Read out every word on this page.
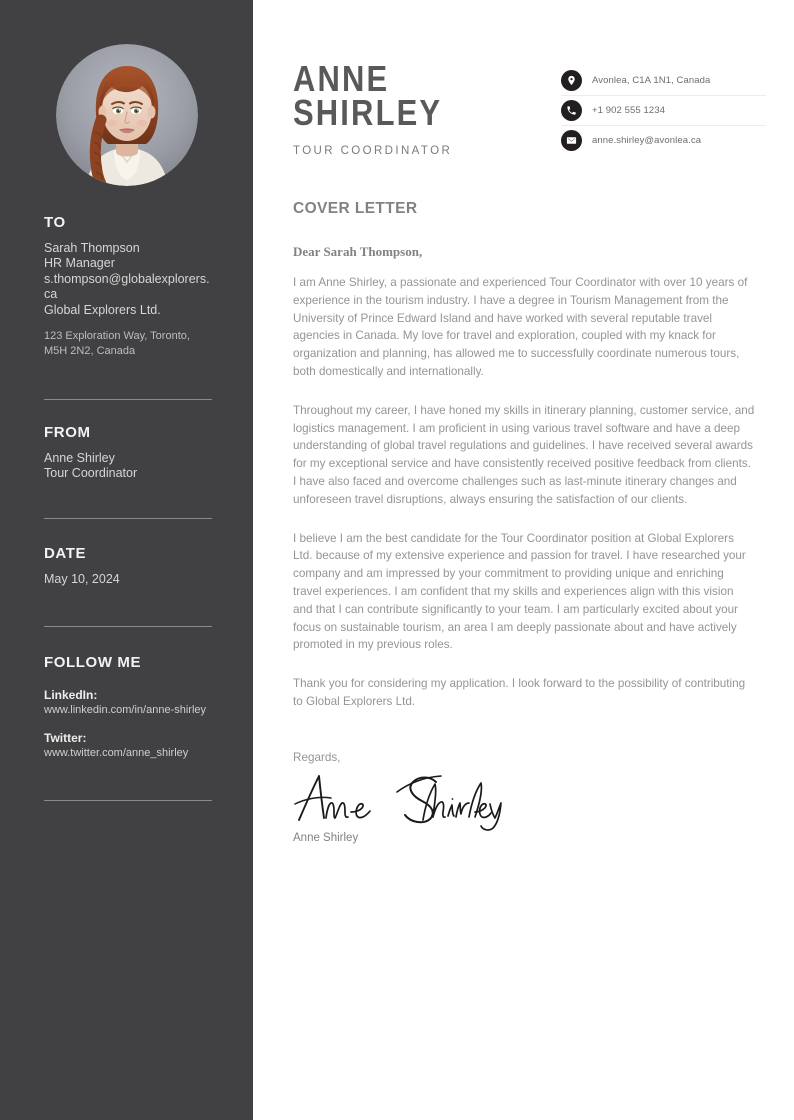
TO

Sarah Thompson

HR Manager

s.thompson@globalexplorers.ca

Global Explorers Ltd.

123 Exploration Way, Toronto, M5H 2N2, Canada

FROM

Anne Shirley

Tour Coordinator

DATE

May 10, 2024

FOLLOW ME

LinkedIn:

www.linkedin.com/in/anne-shirley

Twitter:

www.twitter.com/anne_shirley

ANNE
SHIRLEY
TOUR COORDINATOR
Avonlea, C1A 1N1, Canada
+1 902 555 1234
anne.shirley@avonlea.ca
COVER LETTER

Dear Sarah Thompson,

I am Anne Shirley, a passionate and experienced Tour Coordinator with over 10 years of experience in the tourism industry. I have a degree in Tourism Management from the University of Prince Edward Island and have worked with several reputable travel agencies in Canada. My love for travel and exploration, coupled with my knack for organization and planning, has allowed me to successfully coordinate numerous tours, both domestically and internationally.

Throughout my career, I have honed my skills in itinerary planning, customer service, and logistics management. I am proficient in using various travel software and have a deep understanding of global travel regulations and guidelines. I have received several awards for my exceptional service and have consistently received positive feedback from clients. I have also faced and overcome challenges such as last-minute itinerary changes and unforeseen travel disruptions, always ensuring the satisfaction of our clients.

I believe I am the best candidate for the Tour Coordinator position at Global Explorers Ltd. because of my extensive experience and passion for travel. I have researched your company and am impressed by your commitment to providing unique and enriching travel experiences. I am confident that my skills and experiences align with this vision and that I can contribute significantly to your team. I am particularly excited about your focus on sustainable tourism, an area I am deeply passionate about and have actively promoted in my previous roles.

Thank you for considering my application. I look forward to the possibility of contributing to Global Explorers Ltd.

Regards,

Anne Shirley
